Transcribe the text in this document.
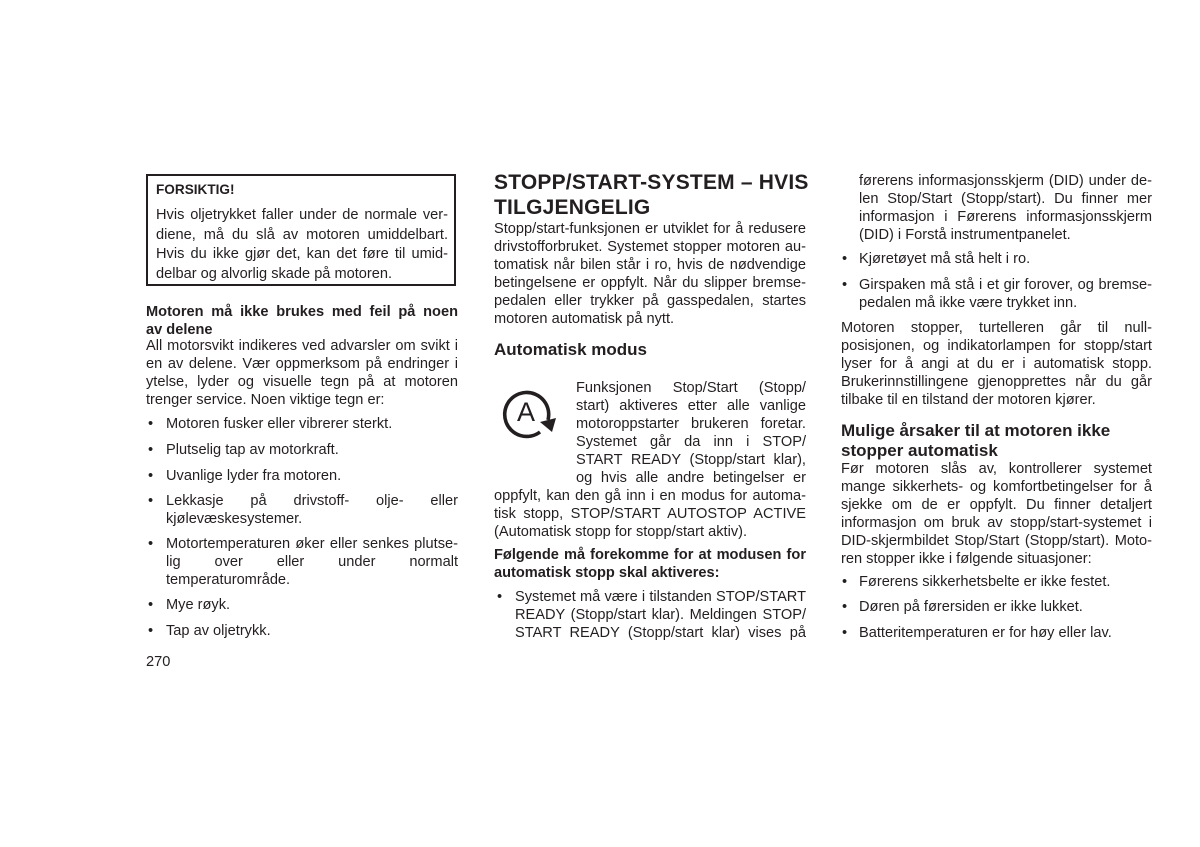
FORSIKTIG!
Hvis oljetrykket faller under de normale ver-
diene, må du slå av motoren umiddelbart.
Hvis du ikke gjør det, kan det føre til umid-
delbar og alvorlig skade på motoren.
Motoren må ikke brukes med feil på noen
av delene
All motorsvikt indikeres ved advarsler om svikt i
en av delene. Vær oppmerksom på endringer i
ytelse, lyder og visuelle tegn på at motoren
trenger service. Noen viktige tegn er:
• Motoren fusker eller vibrerer sterkt.
• Plutselig tap av motorkraft.
• Uvanlige lyder fra motoren.
• Lekkasje på drivstoff- olje- eller
kjølevæskesystemer.
• Motortemperaturen øker eller senkes plutse-
lig over eller under normalt
temperaturområde.
• Mye røyk.
• Tap av oljetrykk.
270
STOPP/START-SYSTEM – HVIS
TILGJENGELIG
Stopp/start-funksjonen er utviklet for å redusere
drivstofforbruket. Systemet stopper motoren au-
tomatisk når bilen står i ro, hvis de nødvendige
betingelsene er oppfylt. Når du slipper bremse-
pedalen eller trykker på gasspedalen, startes
motoren automatisk på nytt.
Automatisk modus
A
Funksjonen Stop/Start (Stopp/
start) aktiveres etter alle vanlige
motoroppstarter brukeren foretar.
Systemet går da inn i STOP/
START READY (Stopp/start klar),
og hvis alle andre betingelser er
oppfylt, kan den gå inn i en modus for automa-
tisk stopp, STOP/START AUTOSTOP ACTIVE
(Automatisk stopp for stopp/start aktiv).
Følgende må forekomme for at modusen for
automatisk stopp skal aktiveres:
• Systemet må være i tilstanden STOP/START
READY (Stopp/start klar). Meldingen STOP/
START READY (Stopp/start klar) vises på
førerens informasjonsskjerm (DID) under de-
len Stop/Start (Stopp/start). Du finner mer
informasjon i Førerens informasjonsskjerm
(DID) i Forstå instrumentpanelet.
• Kjøretøyet må stå helt i ro.
• Girspaken må stå i et gir forover, og bremse-
pedalen må ikke være trykket inn.
Motoren stopper, turtelleren går til null-
posisjonen, og indikatorlampen for stopp/start
lyser for å angi at du er i automatisk stopp.
Brukerinnstillingene gjenopprettes når du går
tilbake til en tilstand der motoren kjører.
Mulige årsaker til at motoren ikke
stopper automatisk
Før motoren slås av, kontrollerer systemet
mange sikkerhets- og komfortbetingelser for å
sjekke om de er oppfylt. Du finner detaljert
informasjon om bruk av stopp/start-systemet i
DID-skjermbildet Stop/Start (Stopp/start). Moto-
ren stopper ikke i følgende situasjoner:
• Førerens sikkerhetsbelte er ikke festet.
• Døren på førersiden er ikke lukket.
• Batteritemperaturen er for høy eller lav.
